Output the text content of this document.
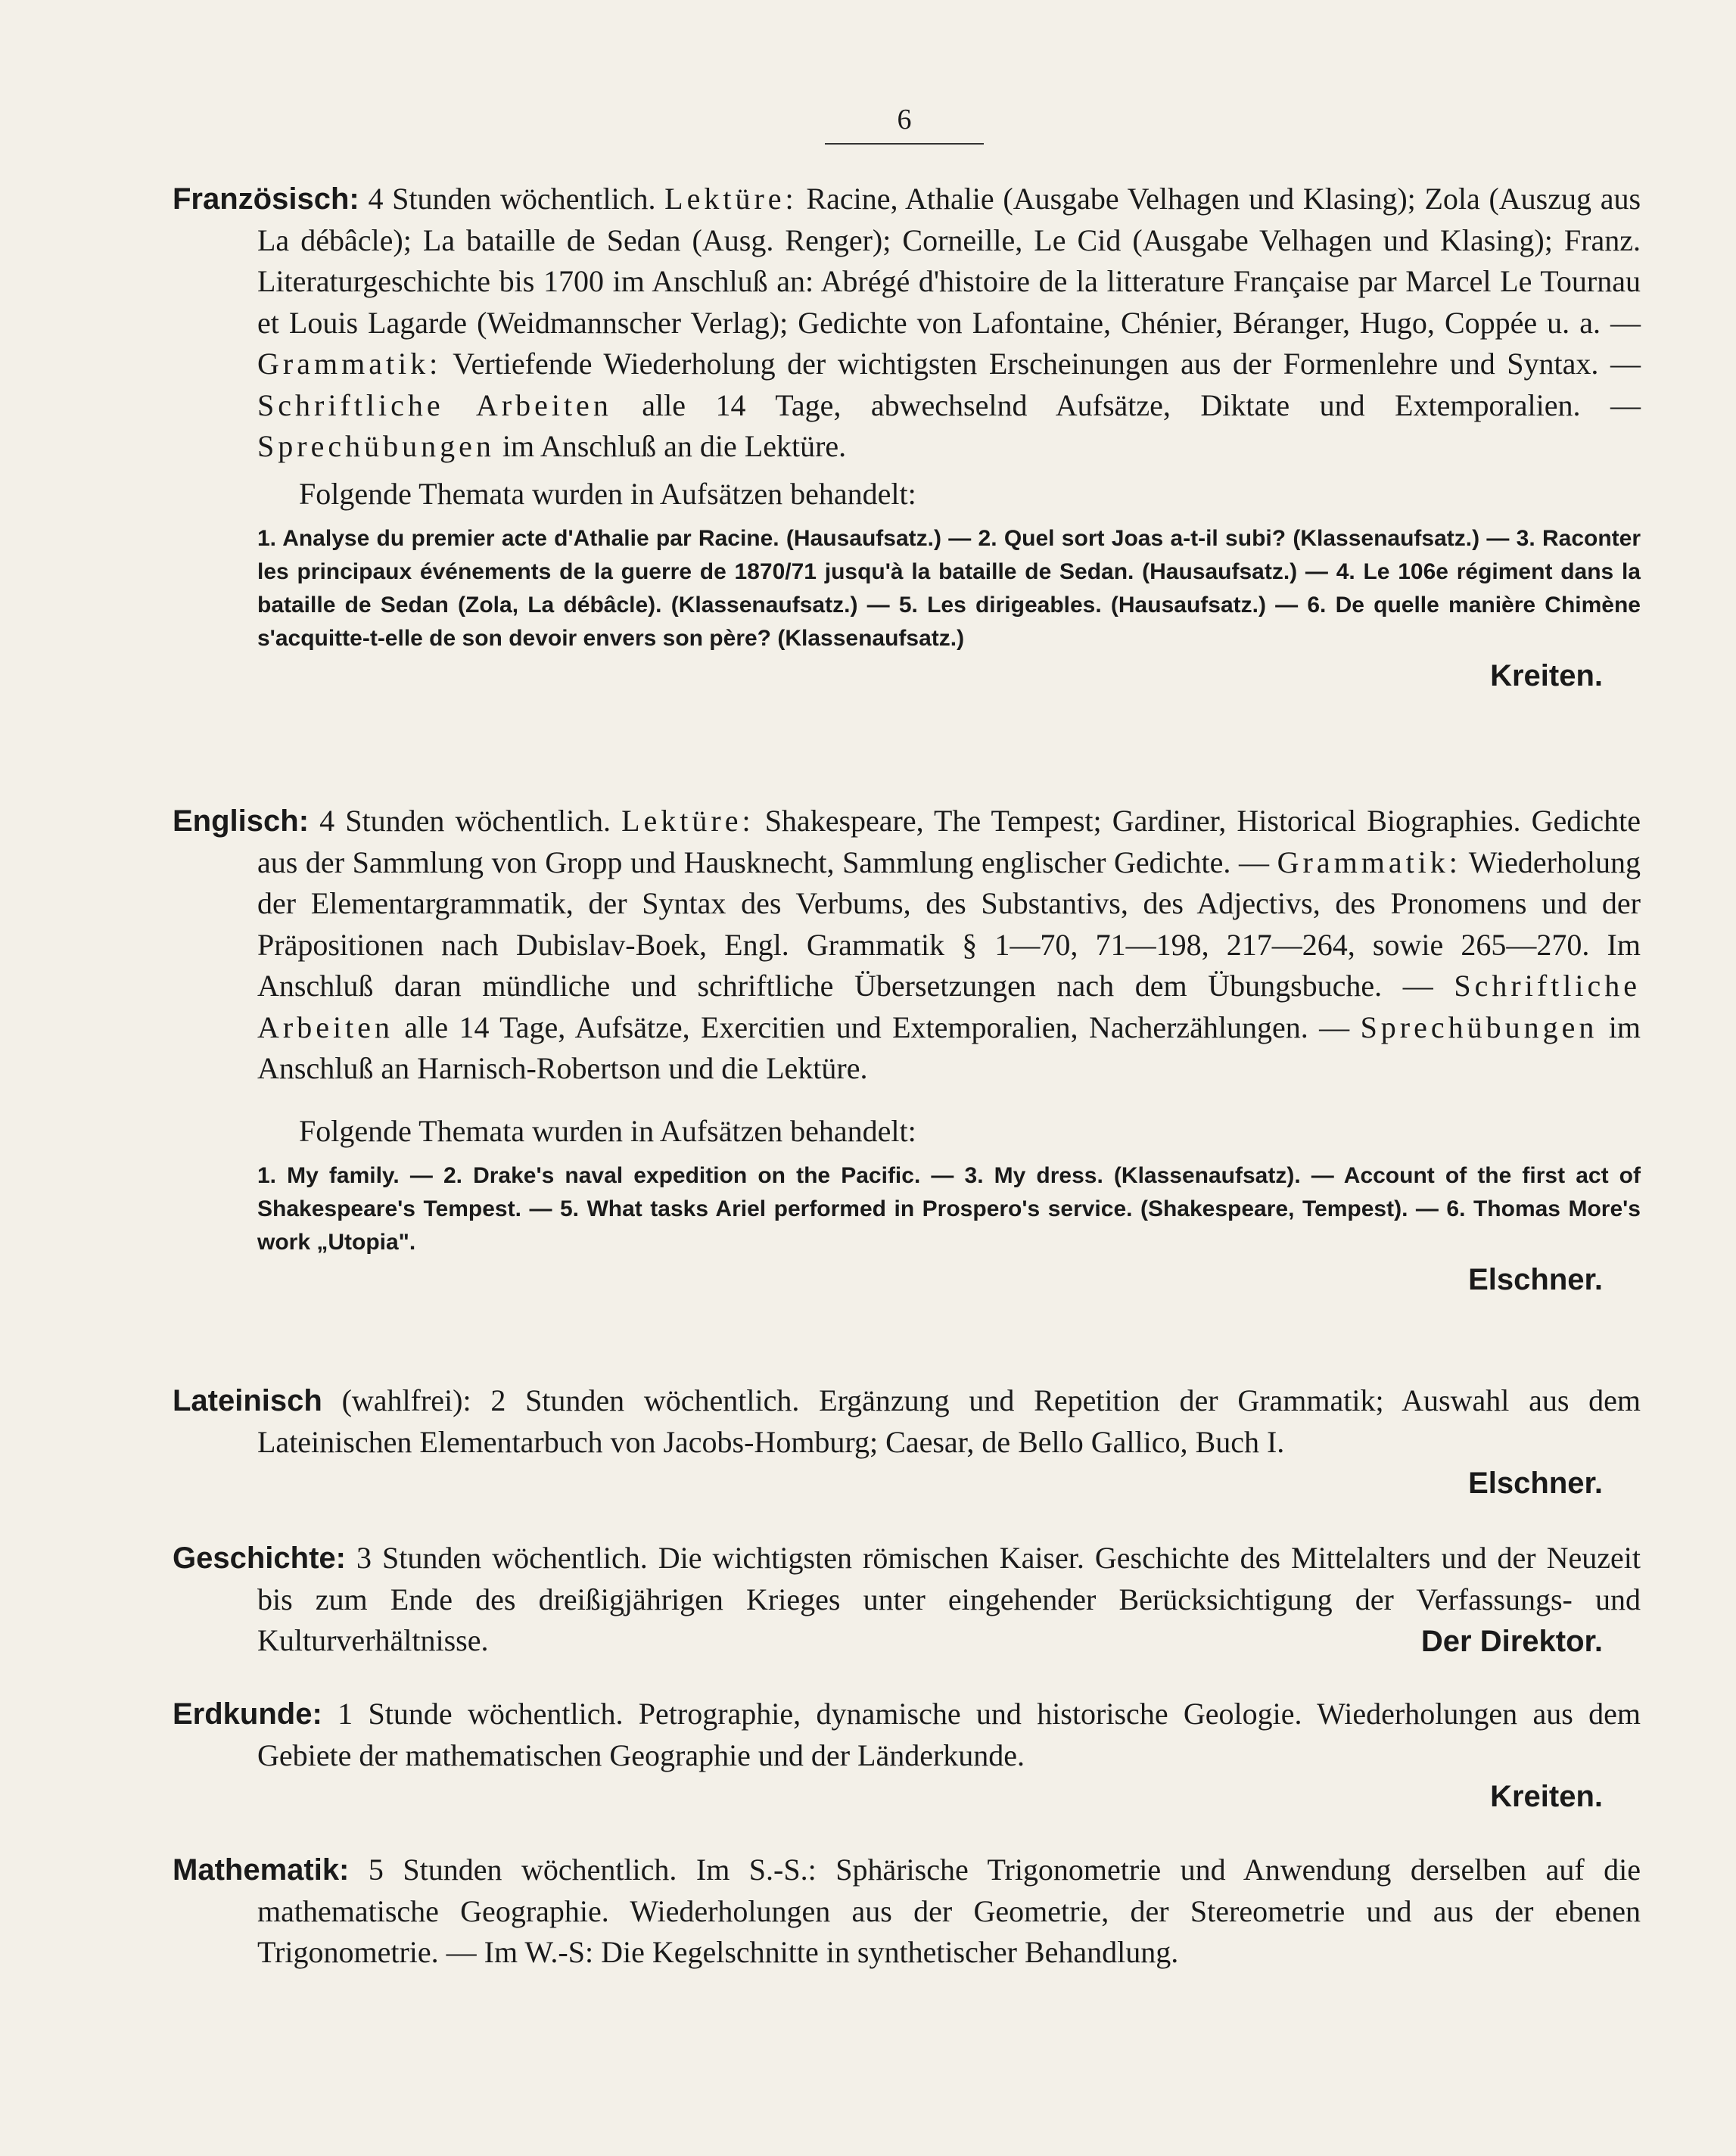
6

Französisch: 4 Stunden wöchentlich. Lektüre: Racine, Athalie (Ausgabe Velhagen und Klasing); Zola (Auszug aus La débâcle); La bataille de Sedan (Ausg. Renger); Corneille, Le Cid (Ausgabe Velhagen und Klasing); Franz. Literaturgeschichte bis 1700 im Anschluß an: Abrégé d'histoire de la litterature Française par Marcel Le Tournau et Louis Lagarde (Weidmannscher Verlag); Gedichte von Lafontaine, Chénier, Béranger, Hugo, Coppée u. a. — Grammatik: Vertiefende Wiederholung der wichtigsten Erscheinungen aus der Formenlehre und Syntax. — Schriftliche Arbeiten alle 14 Tage, abwechselnd Aufsätze, Diktate und Extemporalien. — Sprechübungen im Anschluß an die Lektüre.

Folgende Themata wurden in Aufsätzen behandelt:

1. Analyse du premier acte d'Athalie par Racine. (Hausaufsatz.) — 2. Quel sort Joas a-t-il subi? (Klassenaufsatz.) — 3. Raconter les principaux événements de la guerre de 1870/71 jusqu'à la bataille de Sedan. (Hausaufsatz.) — 4. Le 106e régiment dans la bataille de Sedan (Zola, La débâcle). (Klassenaufsatz.) — 5. Les dirigeables. (Hausaufsatz.) — 6. De quelle manière Chimène s'acquitte-t-elle de son devoir envers son père? (Klassenaufsatz.)

Kreiten.

Englisch: 4 Stunden wöchentlich. Lektüre: Shakespeare, The Tempest; Gardiner, Historical Biographies. Gedichte aus der Sammlung von Gropp und Hausknecht, Sammlung englischer Gedichte. — Grammatik: Wiederholung der Elementargrammatik, der Syntax des Verbums, des Substantivs, des Adjectivs, des Pronomens und der Präpositionen nach Dubislav-Boek, Engl. Grammatik § 1—70, 71—198, 217—264, sowie 265—270. Im Anschluß daran mündliche und schriftliche Übersetzungen nach dem Übungsbuche. — Schriftliche Arbeiten alle 14 Tage, Aufsätze, Exercitien und Extemporalien, Nacherzählungen. — Sprechübungen im Anschluß an Harnisch-Robertson und die Lektüre.

Folgende Themata wurden in Aufsätzen behandelt:

1. My family. — 2. Drake's naval expedition on the Pacific. — 3. My dress. (Klassenaufsatz). — Account of the first act of Shakespeare's Tempest. — 5. What tasks Ariel performed in Prospero's service. (Shakespeare, Tempest). — 6. Thomas More's work „Utopia".

Elschner.

Lateinisch (wahlfrei): 2 Stunden wöchentlich. Ergänzung und Repetition der Grammatik; Auswahl aus dem Lateinischen Elementarbuch von Jacobs-Homburg; Caesar, de Bello Gallico, Buch I.

Elschner.

Geschichte: 3 Stunden wöchentlich. Die wichtigsten römischen Kaiser. Geschichte des Mittelalters und der Neuzeit bis zum Ende des dreißigjährigen Krieges unter eingehender Berücksichtigung der Verfassungs- und Kulturverhältnisse.	Der Direktor.

Erdkunde: 1 Stunde wöchentlich. Petrographie, dynamische und historische Geologie. Wiederholungen aus dem Gebiete der mathematischen Geographie und der Länderkunde.

Kreiten.

Mathematik: 5 Stunden wöchentlich. Im S.-S.: Sphärische Trigonometrie und Anwendung derselben auf die mathematische Geographie. Wiederholungen aus der Geometrie, der Stereometrie und aus der ebenen Trigonometrie. — Im W.-S: Die Kegelschnitte in synthetischer Behandlung.
